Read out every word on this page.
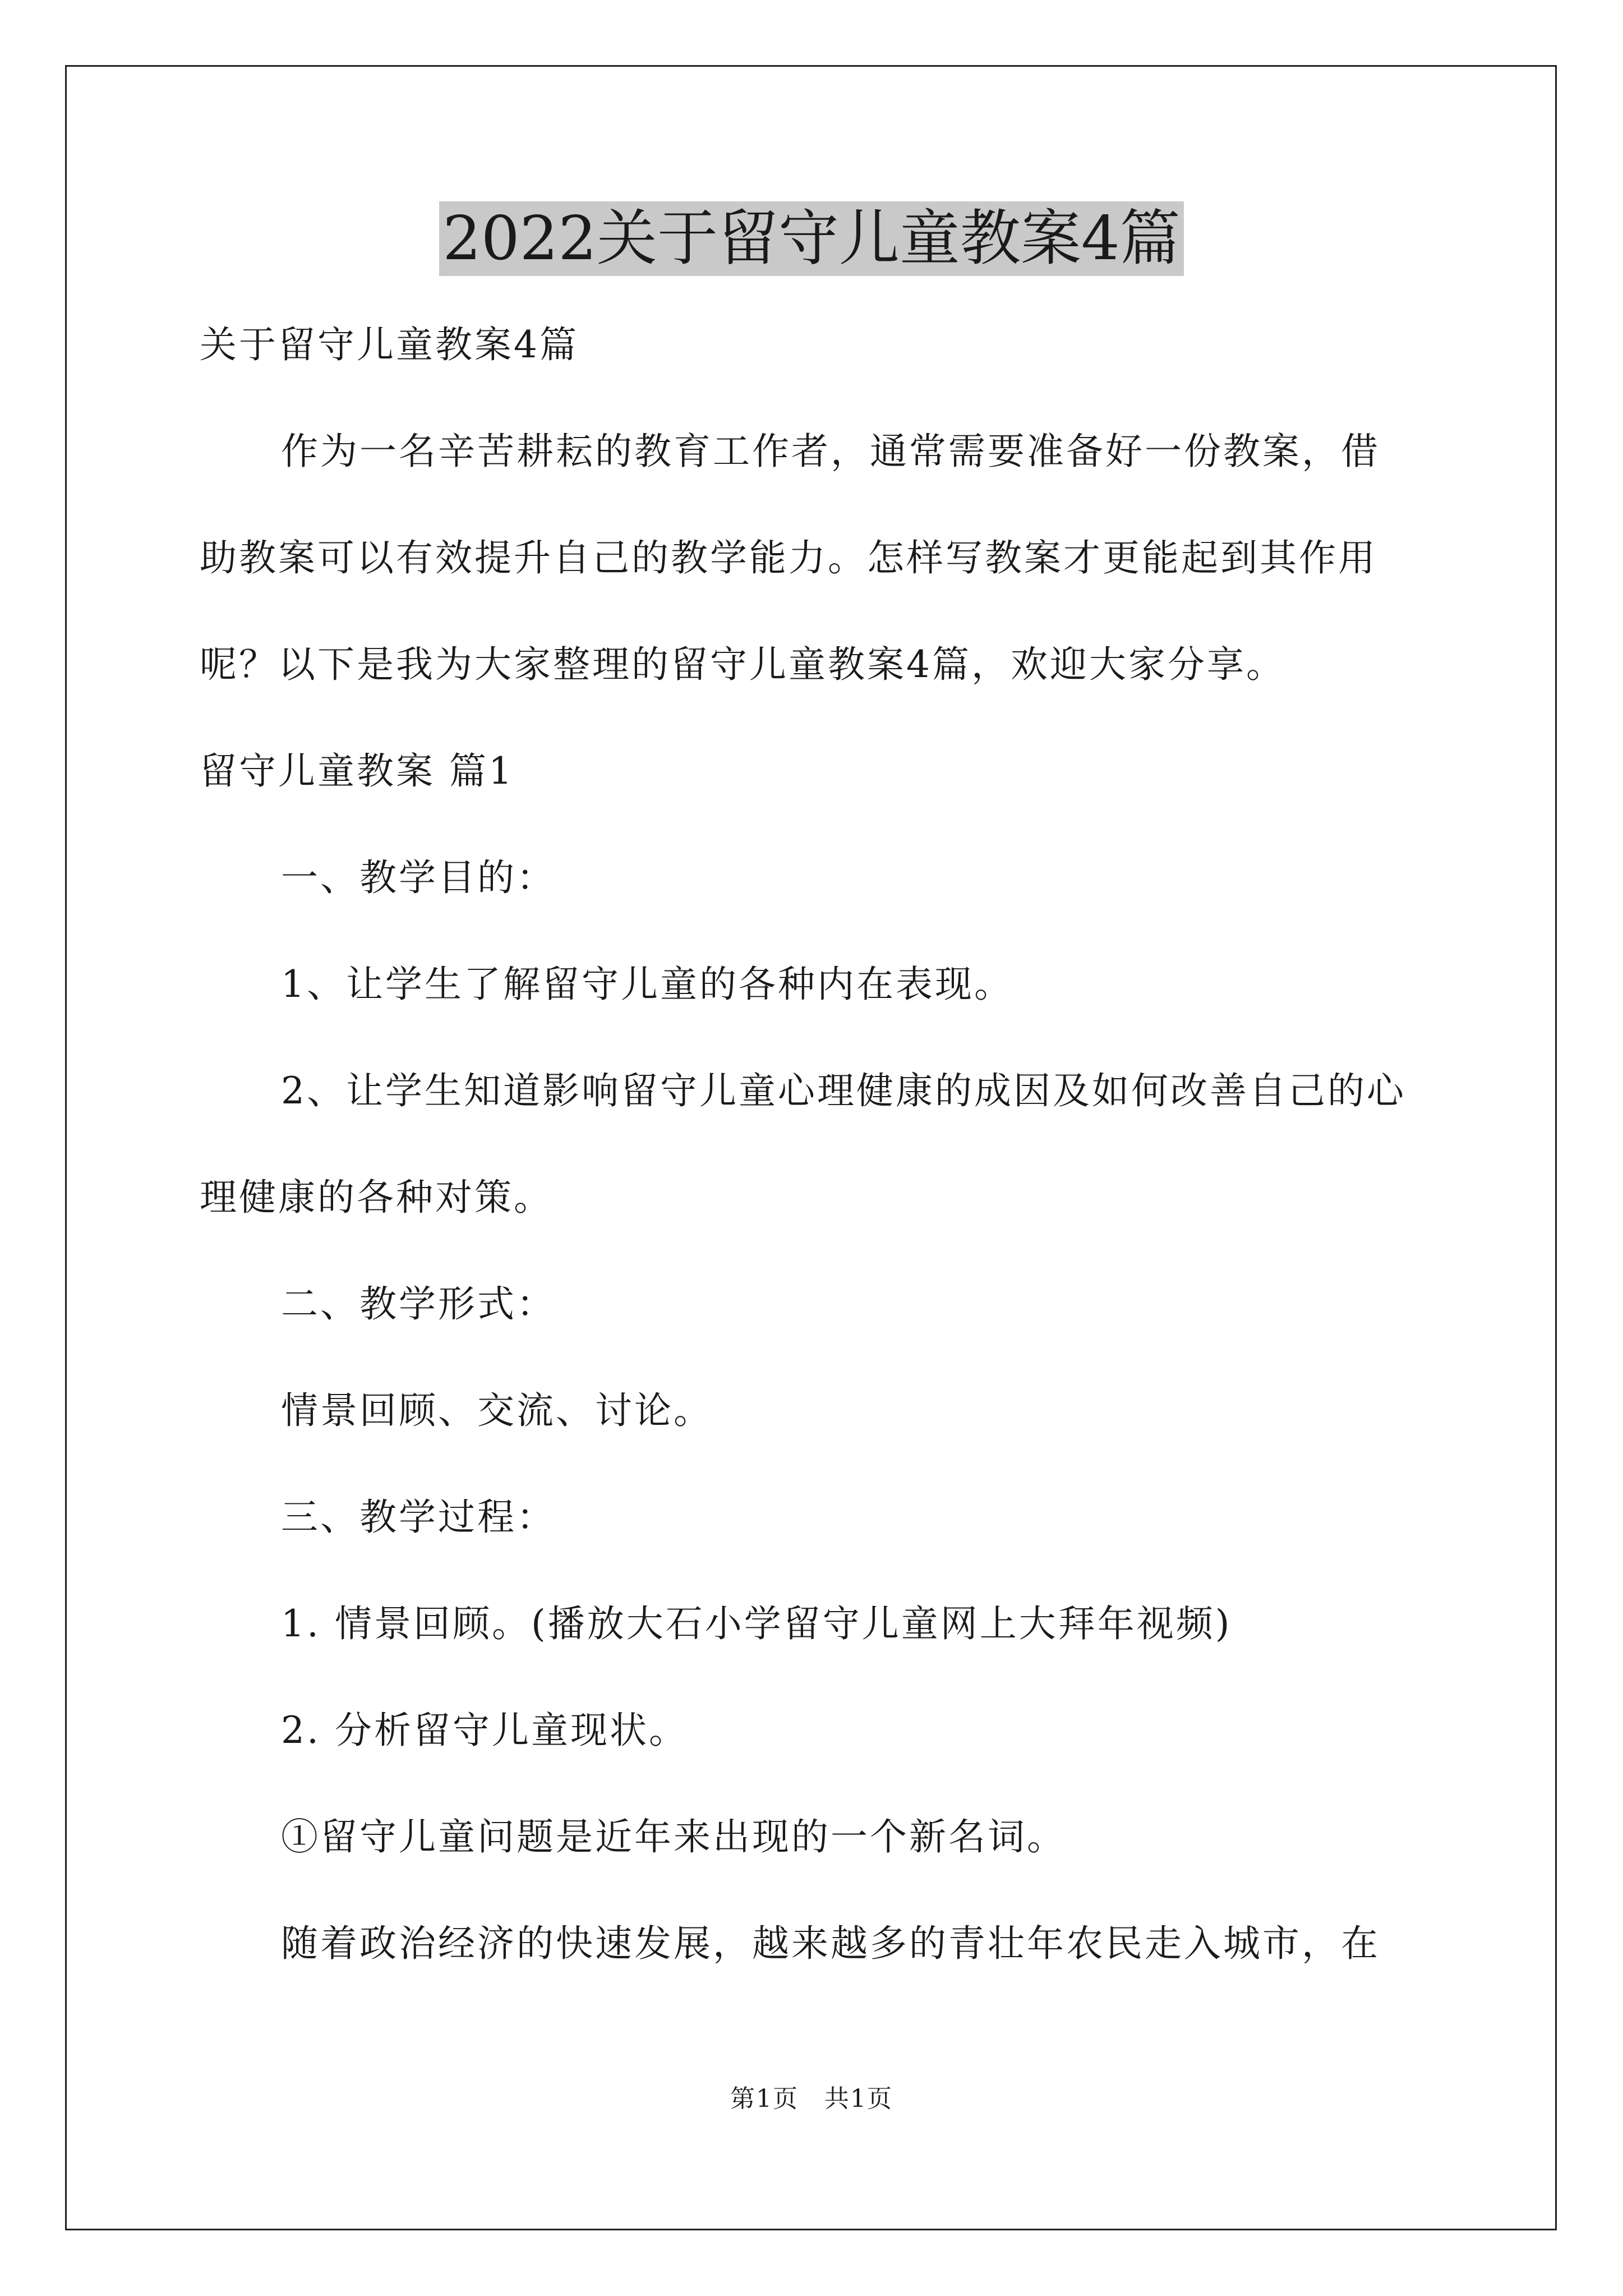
2022关于留守儿童教案4篇
关于留守儿童教案4篇
作为一名辛苦耕耘的教育工作者，通常需要准备好一份教案，借
助教案可以有效提升自己的教学能力。怎样写教案才更能起到其作用
呢？以下是我为大家整理的留守儿童教案4篇，欢迎大家分享。
留守儿童教案 篇1
一、教学目的：
1、让学生了解留守儿童的各种内在表现。
2、让学生知道影响留守儿童心理健康的成因及如何改善自己的心
理健康的各种对策。
二、教学形式：
情景回顾、交流、讨论。
三、教学过程：
1. 情景回顾。(播放大石小学留守儿童网上大拜年视频)
2. 分析留守儿童现状。
①留守儿童问题是近年来出现的一个新名词。
随着政治经济的快速发展，越来越多的青壮年农民走入城市，在
第1页　共1页
